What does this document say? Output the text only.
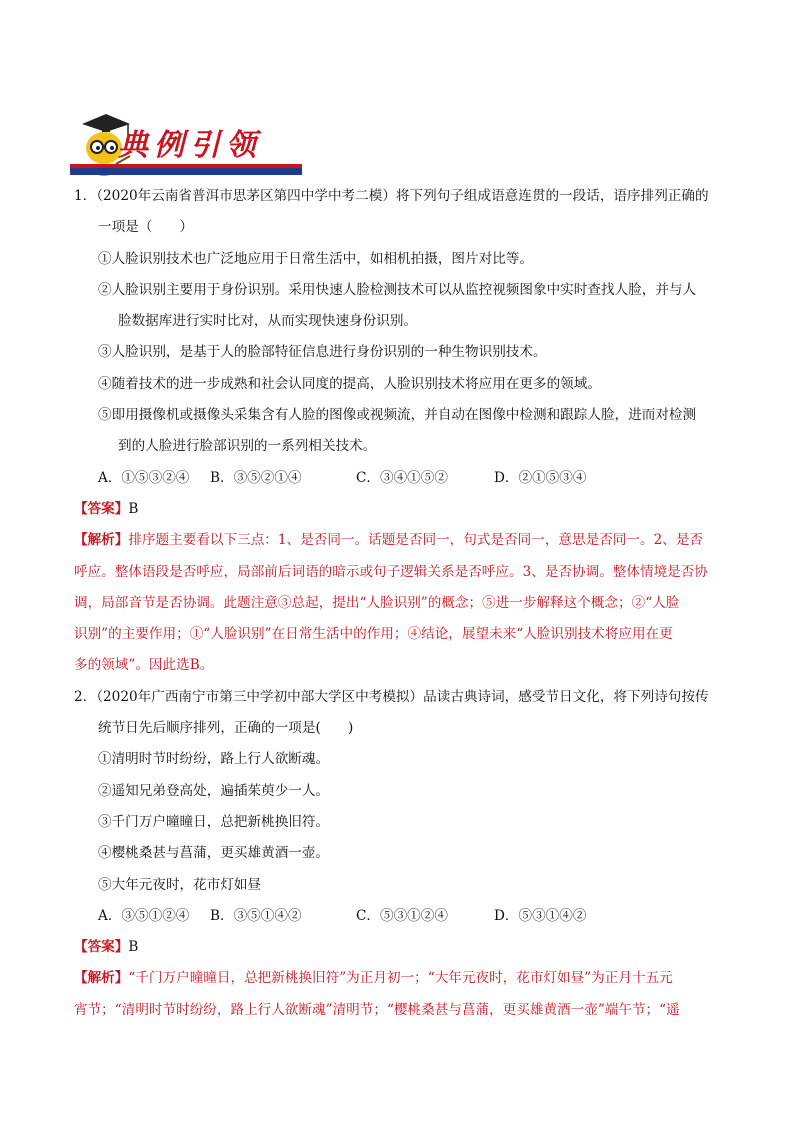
典例引领
1．（2020年云南省普洱市思茅区第四中学中考二模）将下列句子组成语意连贯的一段话，语序排列正确的
一项是（　　）
①人脸识别技术也广泛地应用于日常生活中，如相机拍摄，图片对比等。
②人脸识别主要用于身份识别。采用快速人脸检测技术可以从监控视频图象中实时查找人脸，并与人
脸数据库进行实时比对，从而实现快速身份识别。
③人脸识别，是基于人的脸部特征信息进行身份识别的一种生物识别技术。
④随着技术的进一步成熟和社会认同度的提高，人脸识别技术将应用在更多的领域。
⑤即用摄像机或摄像头采集含有人脸的图像或视频流，并自动在图像中检测和跟踪人脸，进而对检测
到的人脸进行脸部识别的一系列相关技术。
A．①⑤③②④	B．③⑤②①④	C．③④①⑤②	D．②①⑤③④
【答案】B
【解析】排序题主要看以下三点：1、是否同一。话题是否同一，句式是否同一，意思是否同一。2、是否
呼应。整体语段是否呼应，局部前后词语的暗示或句子逻辑关系是否呼应。3、是否协调。整体情境是否协
调，局部音节是否协调。此题注意③总起，提出“人脸识别”的概念；⑤进一步解释这个概念；②“人脸
识别”的主要作用；①“人脸识别”在日常生活中的作用；④结论，展望未来“人脸识别技术将应用在更
多的领域”。因此选B。
2．（2020年广西南宁市第三中学初中部大学区中考模拟）品读古典诗词，感受节日文化，将下列诗句按传
统节日先后顺序排列，正确的一项是(　　)
①清明时节时纷纷，路上行人欲断魂。
②遥知兄弟登高处，遍插茱萸少一人。
③千门万户曈曈日，总把新桃换旧符。
④樱桃桑甚与菖蒲，更买雄黄酒一壶。
⑤大年元夜时，花市灯如昼
A．③⑤①②④	B．③⑤①④②	C．⑤③①②④	D．⑤③①④②
【答案】B
【解析】“千门万户曈曈日，总把新桃换旧符”为正月初一；“大年元夜时，花市灯如昼”为正月十五元
宵节；“清明时节时纷纷，路上行人欲断魂”清明节；“樱桃桑甚与菖蒲，更买雄黄酒一壶”端午节；“遥
